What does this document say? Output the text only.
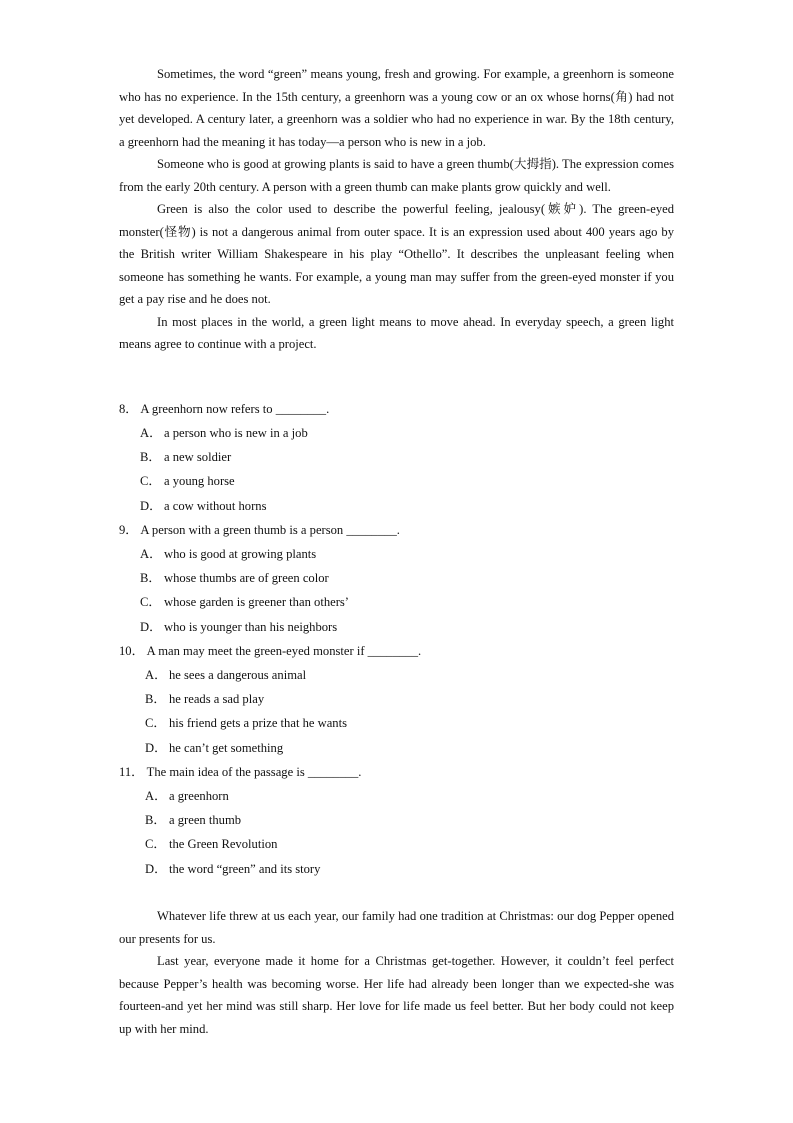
Sometimes, the word “green” means young, fresh and growing. For example, a greenhorn is someone who has no experience. In the 15th century, a greenhorn was a young cow or an ox whose horns(角) had not yet developed. A century later, a greenhorn was a soldier who had no experience in war. By the 18th century, a greenhorn had the meaning it has today—a person who is new in a job.

Someone who is good at growing plants is said to have a green thumb(大拇指). The expression comes from the early 20th century. A person with a green thumb can make plants grow quickly and well.

Green is also the color used to describe the powerful feeling, jealousy(嫉妒). The green-eyed monster(怪物) is not a dangerous animal from outer space. It is an expression used about 400 years ago by the British writer William Shakespeare in his play “Othello”. It describes the unpleasant feeling when someone has something he wants. For example, a young man may suffer from the green-eyed monster if you get a pay rise and he does not.

In most places in the world, a green light means to move ahead. In everyday speech, a green light means agree to continue with a project.

8． A greenhorn now refers to ________.

A． a person who is new in a job

B． a new soldier

C． a young horse

D． a cow without horns

9． A person with a green thumb is a person ________.

A． who is good at growing plants

B． whose thumbs are of green color

C． whose garden is greener than others’

D． who is younger than his neighbors

10． A man may meet the green-eyed monster if ________.

A． he sees a dangerous animal

B． he reads a sad play

C． his friend gets a prize that he wants

D． he can’t get something

11． The main idea of the passage is ________.

A． a greenhorn

B． a green thumb

C． the Green Revolution

D． the word “green” and its story

Whatever life threw at us each year, our family had one tradition at Christmas: our dog Pepper opened our presents for us.

Last year, everyone made it home for a Christmas get-together. However, it couldn’t feel perfect because Pepper’s health was becoming worse. Her life had already been longer than we expected-she was fourteen-and yet her mind was still sharp. Her love for life made us feel better. But her body could not keep up with her mind.
